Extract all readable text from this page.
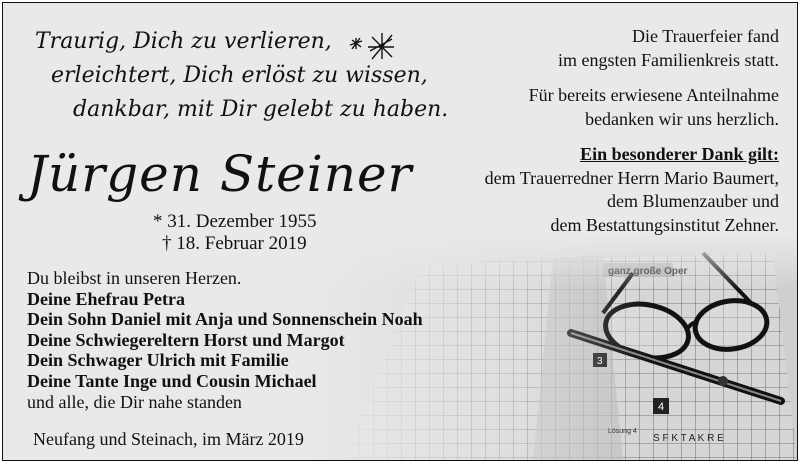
Traurig, Dich zu verlieren,
erleichtert, Dich erlöst zu wissen,
dankbar, mit Dir gelebt zu haben.
Jürgen Steiner
* 31. Dezember 1955
† 18. Februar 2019
Du bleibst in unseren Herzen.
Deine Ehefrau Petra
Dein Sohn Daniel mit Anja und Sonnenschein Noah
Deine Schwiegereltern Horst und Margot
Dein Schwager Ulrich mit Familie
Deine Tante Inge und Cousin Michael
und alle, die Dir nahe standen
Neufang und Steinach, im März 2019
Die Trauerfeier fand
im engsten Familienkreis statt.
Für bereits erwiesene Anteilnahme
bedanken wir uns herzlich.
Ein besonderer Dank gilt:
dem Trauerredner Herrn Mario Baumert,
dem Blumenzauber und
dem Bestattungsinstitut Zehner.
